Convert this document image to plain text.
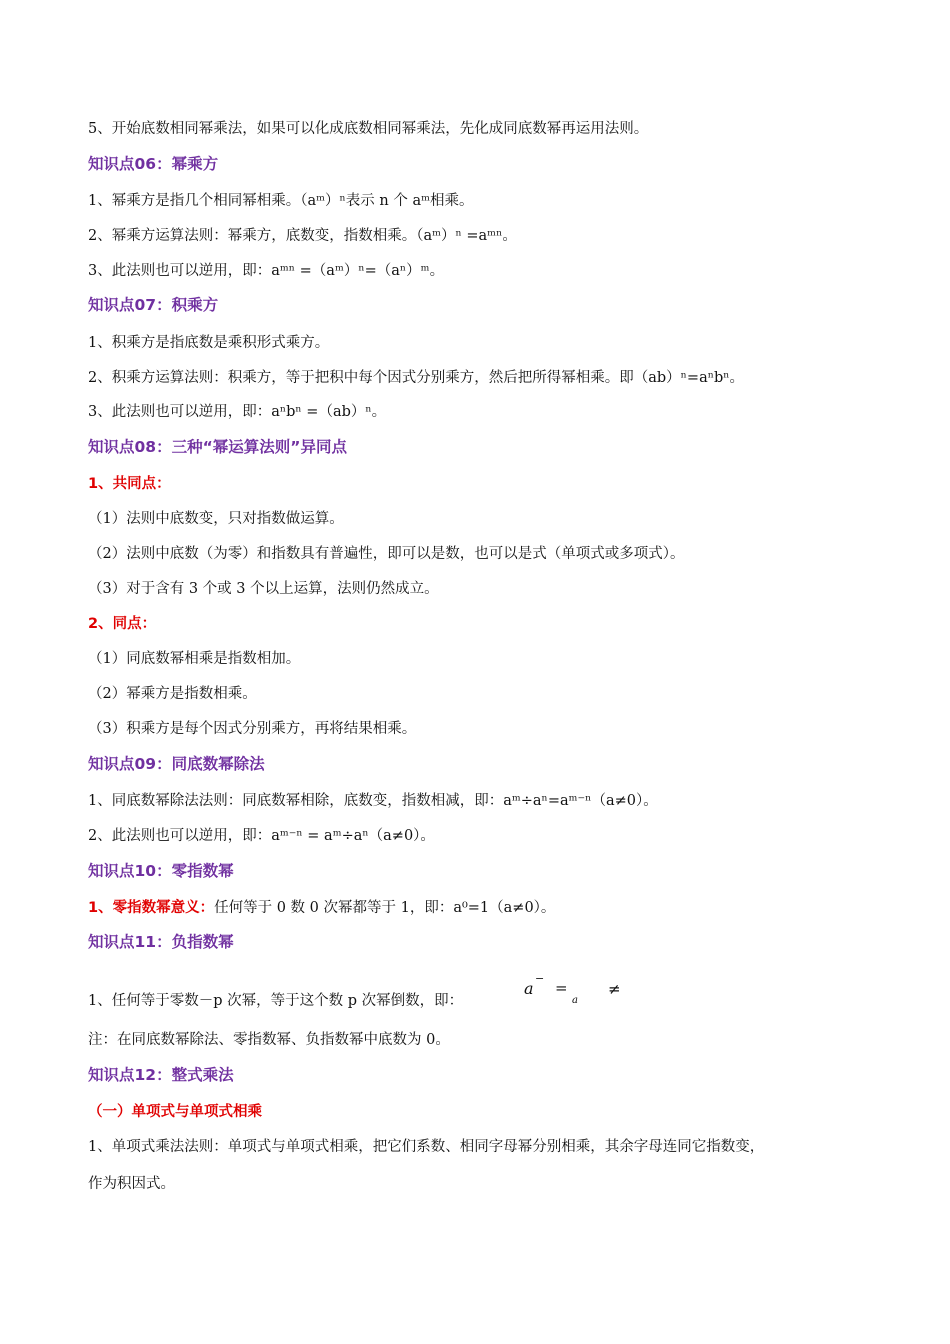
5、开始底数相同幂乘法，如果可以化成底数相同幂乘法，先化成同底数幂再运用法则。
知识点06：幂乘方
1、幂乘方是指几个相同幂相乘。（aᵐ）ⁿ表示 n 个 aᵐ相乘。
2、幂乘方运算法则：幂乘方，底数变，指数相乘。（aᵐ）ⁿ =aᵐⁿ。
3、此法则也可以逆用，即：aᵐⁿ =（aᵐ）ⁿ=（aⁿ）ᵐ。
知识点07：积乘方
1、积乘方是指底数是乘积形式乘方。
2、积乘方运算法则：积乘方，等于把积中每个因式分别乘方，然后把所得幂相乘。即（ab）ⁿ=aⁿbⁿ。
3、此法则也可以逆用，即：aⁿbⁿ =（ab）ⁿ。
知识点08：三种“幂运算法则”异同点
1、共同点：
（1）法则中底数变，只对指数做运算。
（2）法则中底数（为零）和指数具有普遍性，即可以是数，也可以是式（单项式或多项式）。
（3）对于含有 3 个或 3 个以上运算，法则仍然成立。
2、同点：
（1）同底数幂相乘是指数相加。
（2）幂乘方是指数相乘。
（3）积乘方是每个因式分别乘方，再将结果相乘。
知识点09：同底数幂除法
1、同底数幂除法法则：同底数幂相除，底数变，指数相减，即：aᵐ÷aⁿ=aᵐ⁻ⁿ（a≠0）。
2、此法则也可以逆用，即：aᵐ⁻ⁿ = aᵐ÷aⁿ（a≠0）。
知识点10：零指数幂
1、零指数幂意义：任何等于 0 数 0 次幂都等于 1，即：a⁰=1（a≠0）。
知识点11：负指数幂
1、任何等于零数－p 次幂，等于这个数 p 次幂倒数，即：
a
−
=
a
≠
注：在同底数幂除法、零指数幂、负指数幂中底数为 0。
知识点12：整式乘法
（一）单项式与单项式相乘
1、单项式乘法法则：单项式与单项式相乘，把它们系数、相同字母幂分别相乘，其余字母连同它指数变，
作为积因式。
